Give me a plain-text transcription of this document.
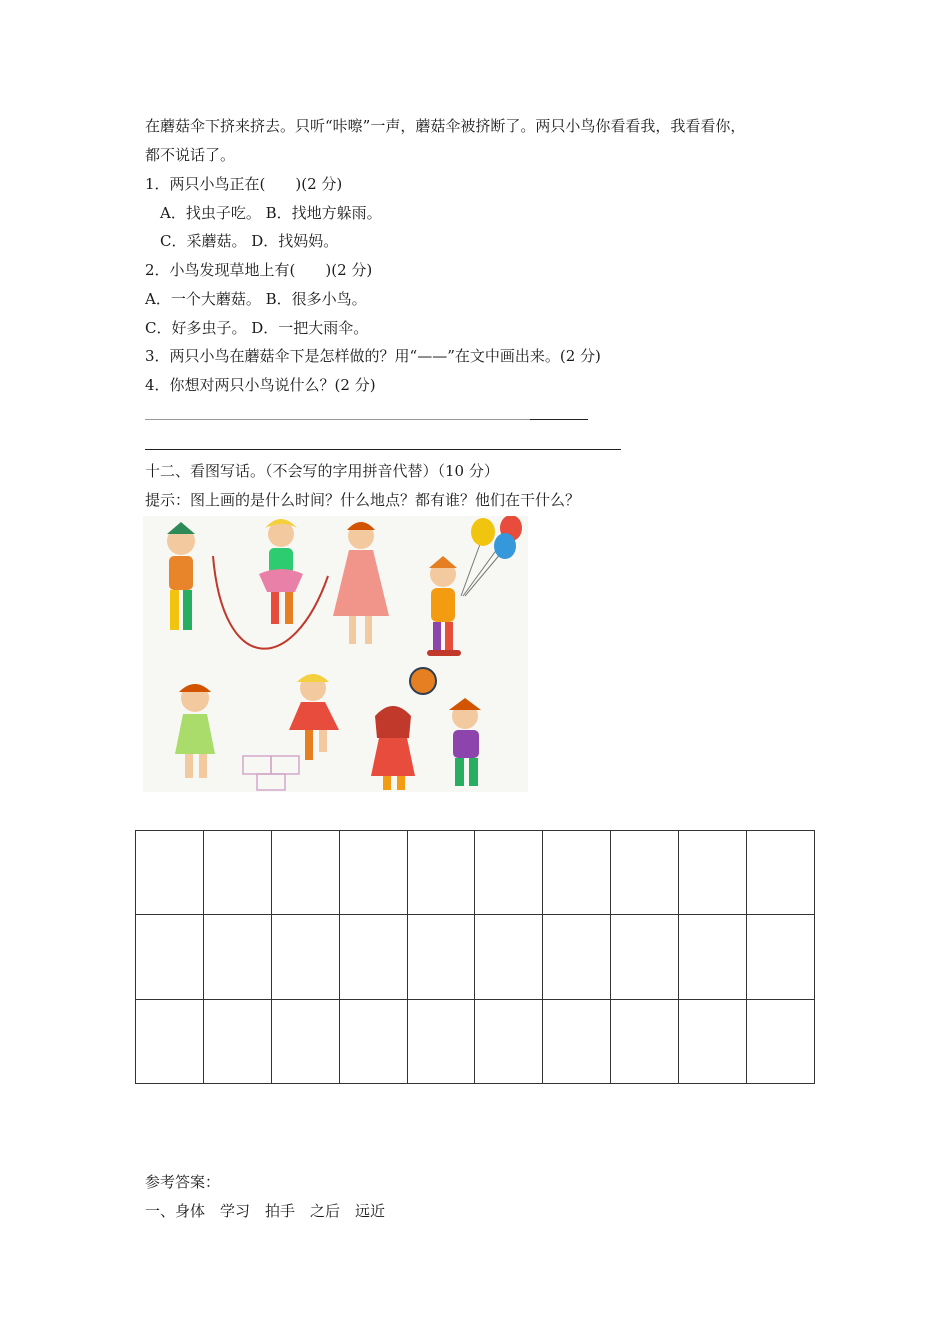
在蘑菇伞下挤来挤去。只听“咔嚓”一声，蘑菇伞被挤断了。两只小鸟你看看我，我看看你，
都不说话了。
1．两只小鸟正在(　　)(2 分)
A．找虫子吃。 B．找地方躲雨。
C．采蘑菇。 D．找妈妈。
2．小鸟发现草地上有(　　)(2 分)
A．一个大蘑菇。 B．很多小鸟。
C．好多虫子。 D．一把大雨伞。
3．两只小鸟在蘑菇伞下是怎样做的？用“——”在文中画出来。(2 分)
4．你想对两只小鸟说什么？(2 分)
十二、看图写话。（不会写的字用拼音代替）（10 分）
提示：图上画的是什么时间？什么地点？都有谁？他们在干什么？

参考答案：
一、身体　学习　拍手　之后　远近
